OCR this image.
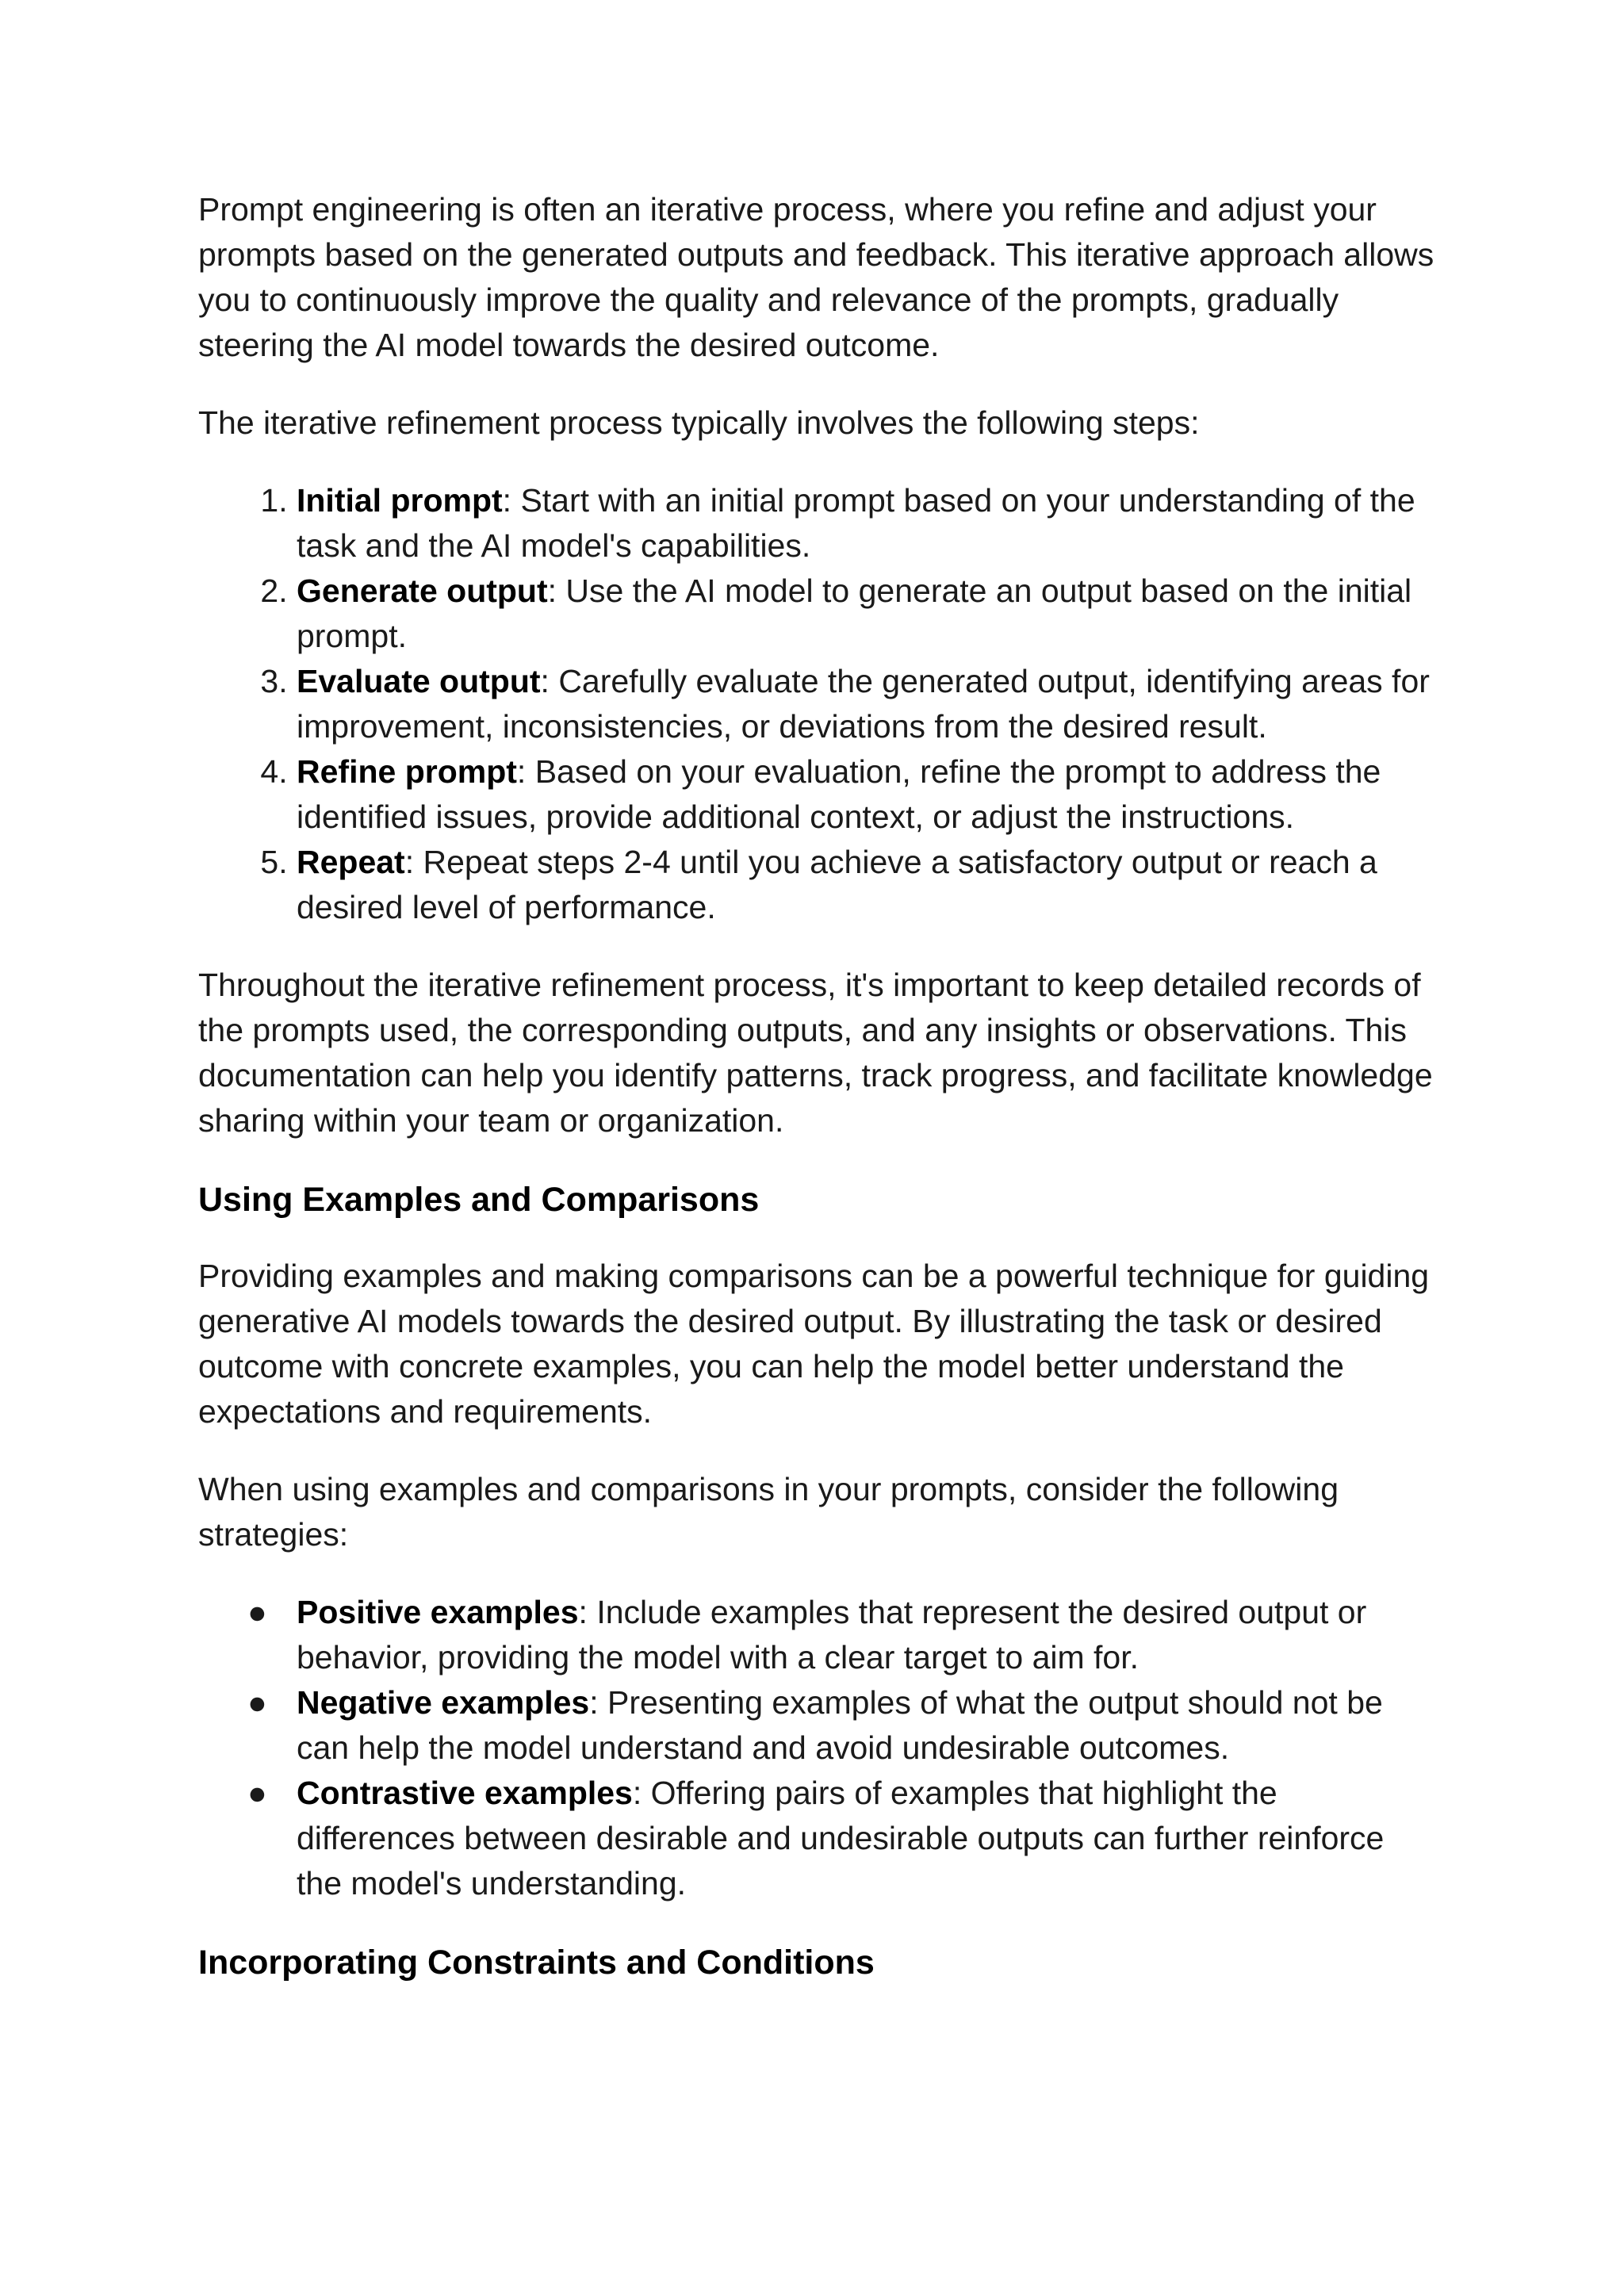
Prompt engineering is often an iterative process, where you refine and adjust your prompts based on the generated outputs and feedback. This iterative approach allows you to continuously improve the quality and relevance of the prompts, gradually steering the AI model towards the desired outcome.

The iterative refinement process typically involves the following steps:

1. Initial prompt: Start with an initial prompt based on your understanding of the task and the AI model's capabilities.
2. Generate output: Use the AI model to generate an output based on the initial prompt.
3. Evaluate output: Carefully evaluate the generated output, identifying areas for improvement, inconsistencies, or deviations from the desired result.
4. Refine prompt: Based on your evaluation, refine the prompt to address the identified issues, provide additional context, or adjust the instructions.
5. Repeat: Repeat steps 2-4 until you achieve a satisfactory output or reach a desired level of performance.

Throughout the iterative refinement process, it's important to keep detailed records of the prompts used, the corresponding outputs, and any insights or observations. This documentation can help you identify patterns, track progress, and facilitate knowledge sharing within your team or organization.

Using Examples and Comparisons

Providing examples and making comparisons can be a powerful technique for guiding generative AI models towards the desired output. By illustrating the task or desired outcome with concrete examples, you can help the model better understand the expectations and requirements.

When using examples and comparisons in your prompts, consider the following strategies:

● Positive examples: Include examples that represent the desired output or behavior, providing the model with a clear target to aim for.
● Negative examples: Presenting examples of what the output should not be can help the model understand and avoid undesirable outcomes.
● Contrastive examples: Offering pairs of examples that highlight the differences between desirable and undesirable outputs can further reinforce the model's understanding.
Incorporating Constraints and Conditions
